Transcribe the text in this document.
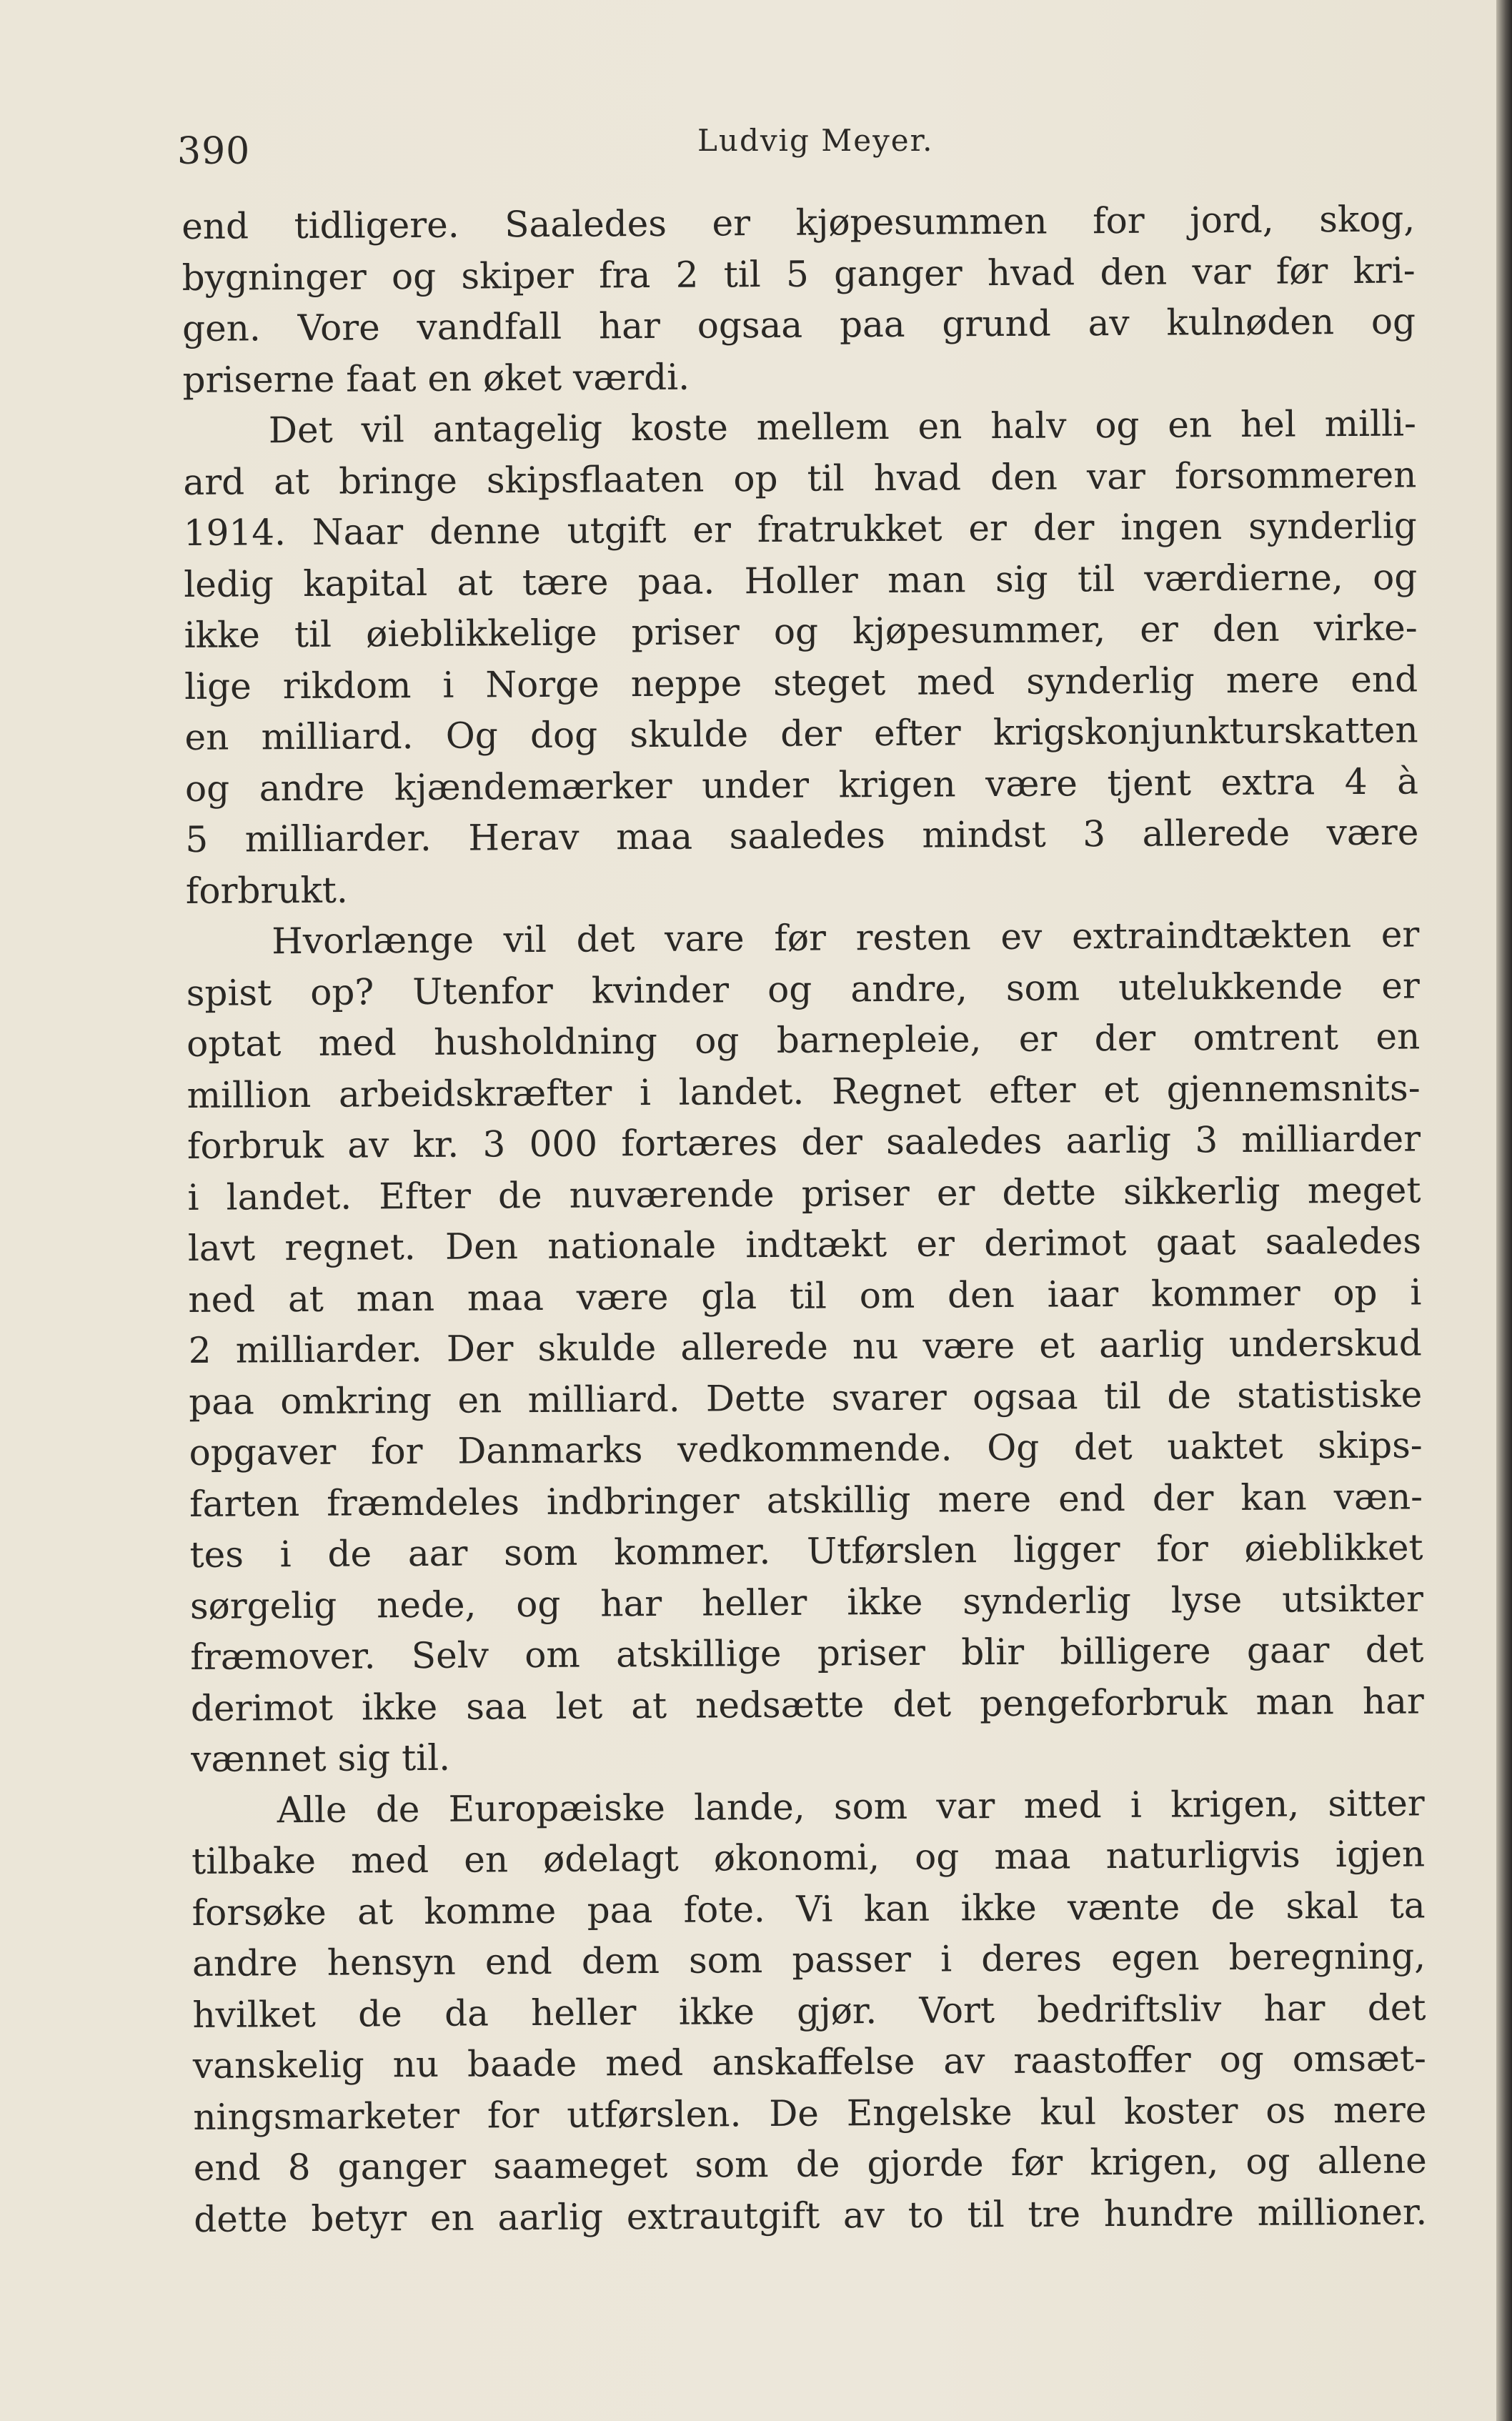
390	Ludvig Meyer.
end tidligere. Saaledes er kjøpesummen for jord, skog,
bygninger og skiper fra 2 til 5 ganger hvad den var før kri-
gen. Vore vandfall har ogsaa paa grund av kulnøden og
priserne faat en øket værdi.
Det vil antagelig koste mellem en halv og en hel milli-
ard at bringe skipsflaaten op til hvad den var forsommeren
1914. Naar denne utgift er fratrukket er der ingen synderlig
ledig kapital at tære paa. Holler man sig til værdierne, og
ikke til øieblikkelige priser og kjøpesummer, er den virke-
lige rikdom i Norge neppe steget med synderlig mere end
en milliard. Og dog skulde der efter krigskonjunkturskatten
og andre kjændemærker under krigen være tjent extra 4 à
5 milliarder. Herav maa saaledes mindst 3 allerede være
forbrukt.
Hvorlænge vil det vare før resten ev extraindtækten er
spist op? Utenfor kvinder og andre, som utelukkende er
optat med husholdning og barnepleie, er der omtrent en
million arbeidskræfter i landet. Regnet efter et gjennemsnits-
forbruk av kr. 3 000 fortæres der saaledes aarlig 3 milliarder
i landet. Efter de nuværende priser er dette sikkerlig meget
lavt regnet. Den nationale indtækt er derimot gaat saaledes
ned at man maa være gla til om den iaar kommer op i
2 milliarder. Der skulde allerede nu være et aarlig underskud
paa omkring en milliard. Dette svarer ogsaa til de statistiske
opgaver for Danmarks vedkommende. Og det uaktet skips-
farten fræmdeles indbringer atskillig mere end der kan væn-
tes i de aar som kommer. Utførslen ligger for øieblikket
sørgelig nede, og har heller ikke synderlig lyse utsikter
fræmover. Selv om atskillige priser blir billigere gaar det
derimot ikke saa let at nedsætte det pengeforbruk man har
vænnet sig til.
Alle de Europæiske lande, som var med i krigen, sitter
tilbake med en ødelagt økonomi, og maa naturligvis igjen
forsøke at komme paa fote. Vi kan ikke vænte de skal ta
andre hensyn end dem som passer i deres egen beregning,
hvilket de da heller ikke gjør. Vort bedriftsliv har det
vanskelig nu baade med anskaffelse av raastoffer og omsæt-
ningsmarketer for utførslen. De Engelske kul koster os mere
end 8 ganger saameget som de gjorde før krigen, og allene
dette betyr en aarlig extrautgift av to til tre hundre millioner.
